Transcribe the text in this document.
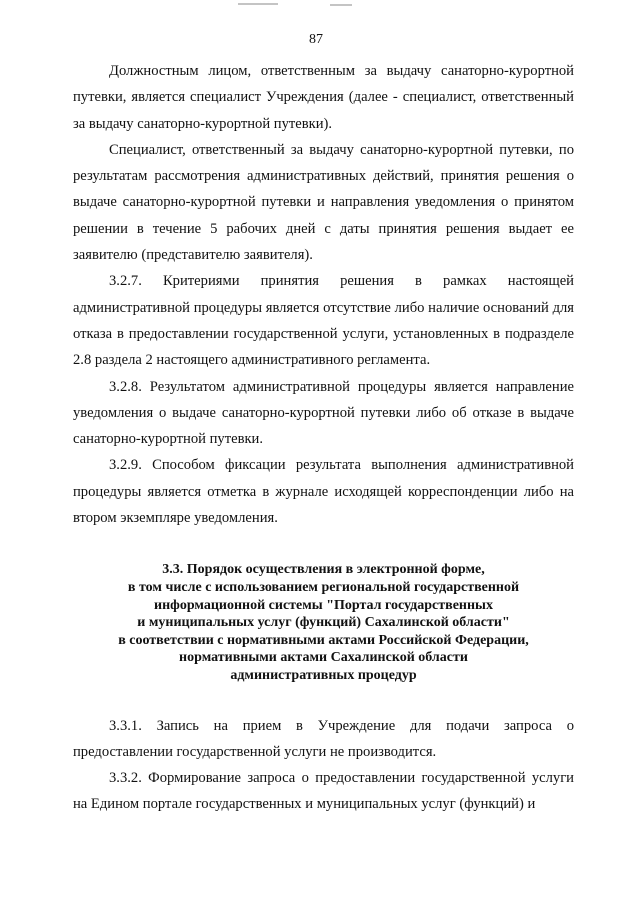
87

Должностным лицом, ответственным за выдачу санаторно-курортной путевки, является специалист Учреждения (далее - специалист, ответственный за выдачу санаторно-курортной путевки).

Специалист, ответственный за выдачу санаторно-курортной путевки, по результатам рассмотрения административных действий, принятия решения о выдаче санаторно-курортной путевки и направления уведомления о принятом решении в течение 5 рабочих дней с даты принятия решения выдает ее заявителю (представителю заявителя).

3.2.7. Критериями принятия решения в рамках настоящей административной процедуры является отсутствие либо наличие оснований для отказа в предоставлении государственной услуги, установленных в подразделе 2.8 раздела 2 настоящего административного регламента.

3.2.8. Результатом административной процедуры является направление уведомления о выдаче санаторно-курортной путевки либо об отказе в выдаче санаторно-курортной путевки.

3.2.9. Способом фиксации результата выполнения административной процедуры является отметка в журнале исходящей корреспонденции либо на втором экземпляре уведомления.

3.3. Порядок осуществления в электронной форме,
в том числе с использованием региональной государственной
информационной системы "Портал государственных
и муниципальных услуг (функций) Сахалинской области"
в соответствии с нормативными актами Российской Федерации,
нормативными актами Сахалинской области
административных процедур

3.3.1. Запись на прием в Учреждение для подачи запроса о предоставлении государственной услуги не производится.

3.3.2. Формирование запроса о предоставлении государственной услуги на Едином портале государственных и муниципальных услуг (функций) и
